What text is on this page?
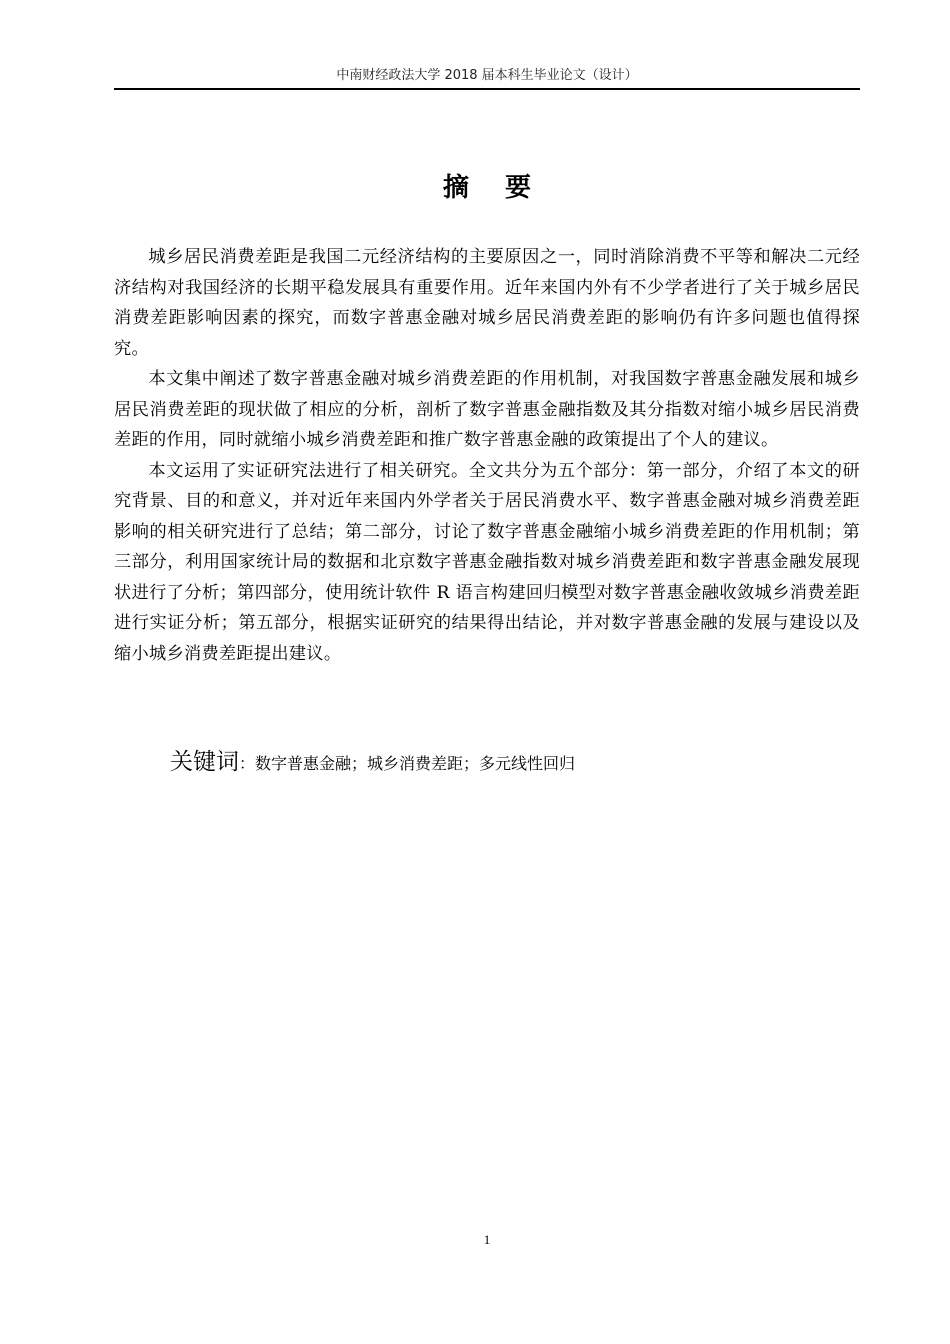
中南财经政法大学 2018 届本科生毕业论文（设计）
摘要

城乡居民消费差距是我国二元经济结构的主要原因之一，同时消除消费不平等和解决二元经济结构对我国经济的长期平稳发展具有重要作用。近年来国内外有不少学者进行了关于城乡居民消费差距影响因素的探究，而数字普惠金融对城乡居民消费差距的影响仍有许多问题也值得探究。

本文集中阐述了数字普惠金融对城乡消费差距的作用机制，对我国数字普惠金融发展和城乡居民消费差距的现状做了相应的分析，剖析了数字普惠金融指数及其分指数对缩小城乡居民消费差距的作用，同时就缩小城乡消费差距和推广数字普惠金融的政策提出了个人的建议。

本文运用了实证研究法进行了相关研究。全文共分为五个部分：第一部分，介绍了本文的研究背景、目的和意义，并对近年来国内外学者关于居民消费水平、数字普惠金融对城乡消费差距影响的相关研究进行了总结；第二部分，讨论了数字普惠金融缩小城乡消费差距的作用机制；第三部分，利用国家统计局的数据和北京数字普惠金融指数对城乡消费差距和数字普惠金融发展现状进行了分析；第四部分，使用统计软件 R 语言构建回归模型对数字普惠金融收敛城乡消费差距进行实证分析；第五部分，根据实证研究的结果得出结论，并对数字普惠金融的发展与建设以及缩小城乡消费差距提出建议。

关键词：数字普惠金融；城乡消费差距；多元线性回归
1
